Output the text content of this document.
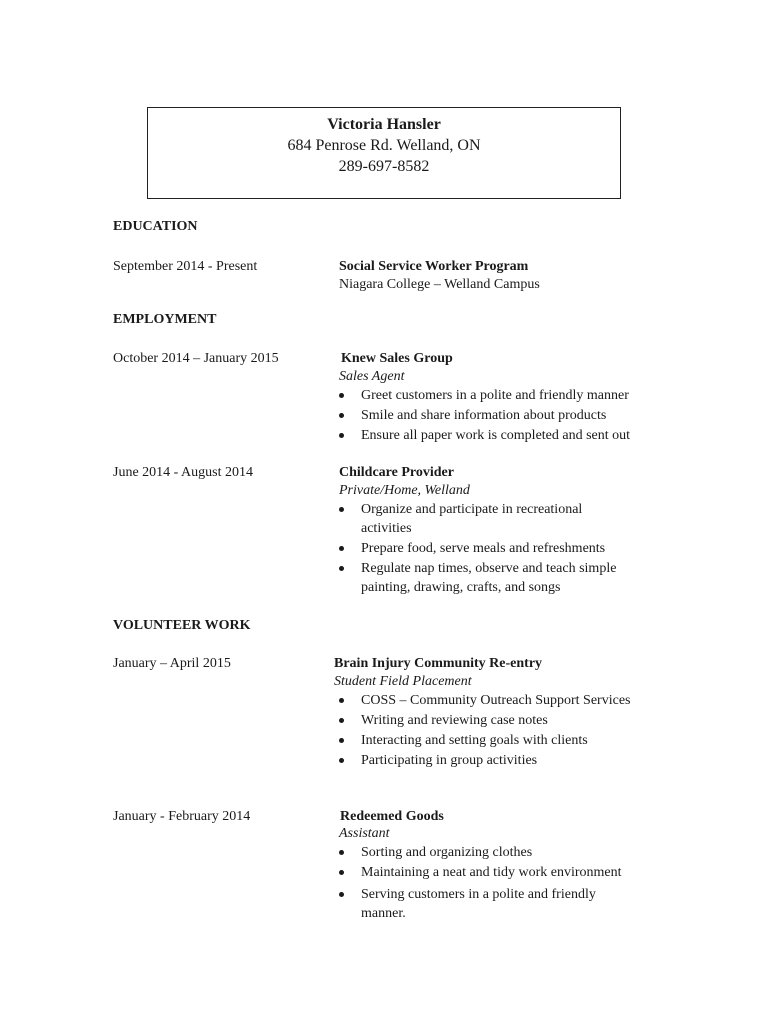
Victoria Hansler
684 Penrose Rd. Welland, ON
289-697-8582
EDUCATION
September 2014 - Present	Social Service Worker Program
Niagara College – Welland Campus
EMPLOYMENT
October 2014 – January 2015	Knew Sales Group
Sales Agent
Greet customers in a polite and friendly manner
Smile and share information about products
Ensure all paper work is completed and sent out
June 2014 - August 2014	Childcare Provider
Private/Home, Welland
Organize and participate in recreational activities
Prepare food, serve meals and refreshments
Regulate nap times, observe and teach simple painting, drawing, crafts, and songs
VOLUNTEER WORK
January – April 2015	Brain Injury Community Re-entry
Student Field Placement
COSS – Community Outreach Support Services
Writing and reviewing case notes
Interacting and setting goals with clients
Participating in group activities
January - February 2014	Redeemed Goods
Assistant
Sorting and organizing clothes
Maintaining a neat and tidy work environment
Serving customers in a polite and friendly manner.
